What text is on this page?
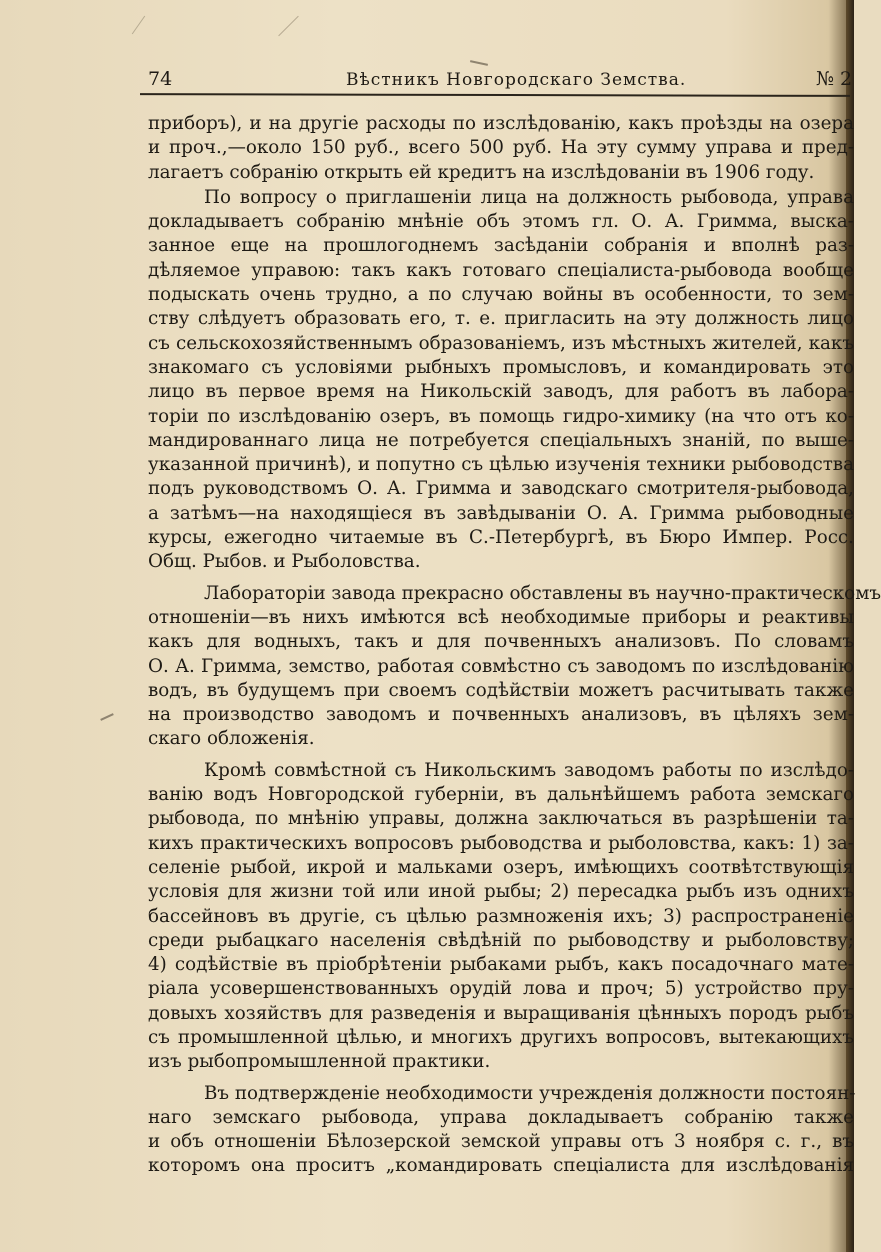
74	Вѣстникъ Новгородскаго Земства.	№ 2
приборъ), и на другіе расходы по изслѣдованію, какъ проѣзды на озера
и проч.,—около 150 руб., всего 500 руб. На эту сумму управа и пред-
лагаетъ собранію открыть ей кредитъ на изслѣдованіи въ 1906 году.
По вопросу о приглашеніи лица на должность рыбовода, управа
докладываетъ собранію мнѣніе объ этомъ гл. О. А. Гримма, выска-
занное еще на прошлогоднемъ засѣданіи собранія и вполнѣ раз-
дѣляемое управою: такъ какъ готоваго спеціалиста-рыбовода вообще
подыскать очень трудно, а по случаю войны въ особенности, то зем-
ству слѣдуетъ образовать его, т. е. пригласить на эту должность лицо
съ сельскохозяйственнымъ образованіемъ, изъ мѣстныхъ жителей, какъ
знакомаго съ условіями рыбныхъ промысловъ, и командировать это
лицо въ первое время на Никольскій заводъ, для работъ въ лабора-
торіи по изслѣдованію озеръ, въ помощь гидро-химику (на что отъ ко-
мандированнаго лица не потребуется спеціальныхъ знаній, по выше-
указанной причинѣ), и попутно съ цѣлью изученія техники рыбоводства
подъ руководствомъ О. А. Гримма и заводскаго смотрителя-рыбовода,
а затѣмъ—на находящіеся въ завѣдываніи О. А. Гримма рыбоводные
курсы, ежегодно читаемые въ С.-Петербургѣ, въ Бюро Импер. Росс.
Общ. Рыбов. и Рыболовства.
Лабораторіи завода прекрасно обставлены въ научно-практическомъ
отношеніи—въ нихъ имѣются всѣ необходимые приборы и реактивы
какъ для водныхъ, такъ и для почвенныхъ анализовъ. По словамъ
О. А. Гримма, земство, работая совмѣстно съ заводомъ по изслѣдованію
водъ, въ будущемъ при своемъ содѣйствіи можетъ расчитывать также
на производство заводомъ и почвенныхъ анализовъ, въ цѣляхъ зем-
скаго обложенія.
Кромѣ совмѣстной съ Никольскимъ заводомъ работы по изслѣдо-
ванію водъ Новгородской губерніи, въ дальнѣйшемъ работа земскаго
рыбовода, по мнѣнію управы, должна заключаться въ разрѣшеніи та-
кихъ практическихъ вопросовъ рыбоводства и рыболовства, какъ: 1) за-
селеніе рыбой, икрой и мальками озеръ, имѣющихъ соотвѣтствующія
условія для жизни той или иной рыбы; 2) пересадка рыбъ изъ однихъ
бассейновъ въ другіе, съ цѣлью размноженія ихъ; 3) распространеніе
среди рыбацкаго населенія свѣдѣній по рыбоводству и рыболовству;
4) содѣйствіе въ пріобрѣтеніи рыбаками рыбъ, какъ посадочнаго мате-
ріала усовершенствованныхъ орудій лова и проч; 5) устройство пру-
довыхъ хозяйствъ для разведенія и выращиванія цѣнныхъ породъ рыбъ
съ промышленной цѣлью, и многихъ другихъ вопросовъ, вытекающихъ
изъ рыбопромышленной практики.
Въ подтвержденіе необходимости учрежденія должности постоян-
наго земскаго рыбовода, управа докладываетъ собранію также
и объ отношеніи Бѣлозерской земской управы отъ 3 ноября с. г., въ
которомъ она проситъ „командировать спеціалиста для изслѣдованія
